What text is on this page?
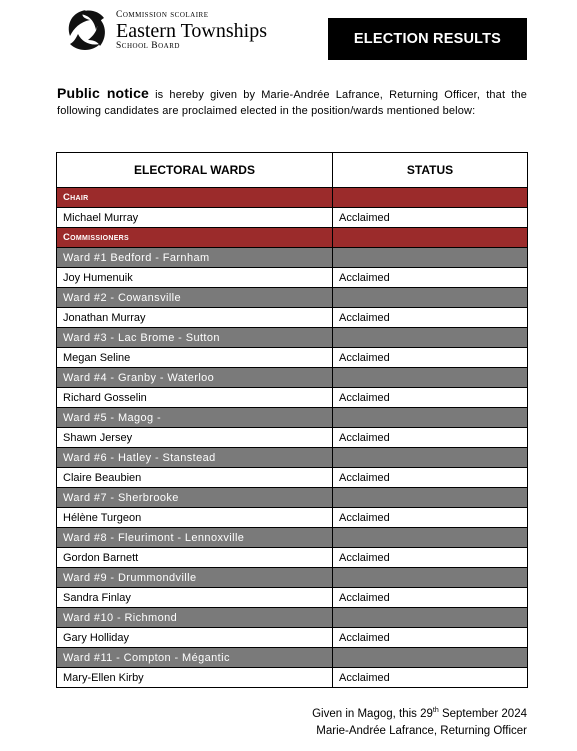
Commission scolaire
Eastern Townships
School Board	ELECTION RESULTS
Public notice is hereby given by Marie-Andrée Lafrance, Returning Officer, that the following candidates are proclaimed elected in the position/wards mentioned below:
ELECTORAL WARDS	STATUS
Chair	
Michael Murray	Acclaimed
Commissioners	
Ward #1 Bedford - Farnham	
Joy Humenuik	Acclaimed
Ward #2 - Cowansville	
Jonathan Murray	Acclaimed
Ward #3 - Lac Brome - Sutton	
Megan Seline	Acclaimed
Ward #4 - Granby - Waterloo	
Richard Gosselin	Acclaimed
Ward #5 - Magog -	
Shawn Jersey	Acclaimed
Ward #6 - Hatley - Stanstead	
Claire Beaubien	Acclaimed
Ward #7 - Sherbrooke	
Hélène Turgeon	Acclaimed
Ward #8 - Fleurimont - Lennoxville	
Gordon Barnett	Acclaimed
Ward #9 - Drummondville	
Sandra Finlay	Acclaimed
Ward #10 - Richmond	
Gary Holliday	Acclaimed
Ward #11 - Compton - Mégantic	
Mary-Ellen Kirby	Acclaimed
Given in Magog, this 29th September 2024
Marie-Andrée Lafrance, Returning Officer
